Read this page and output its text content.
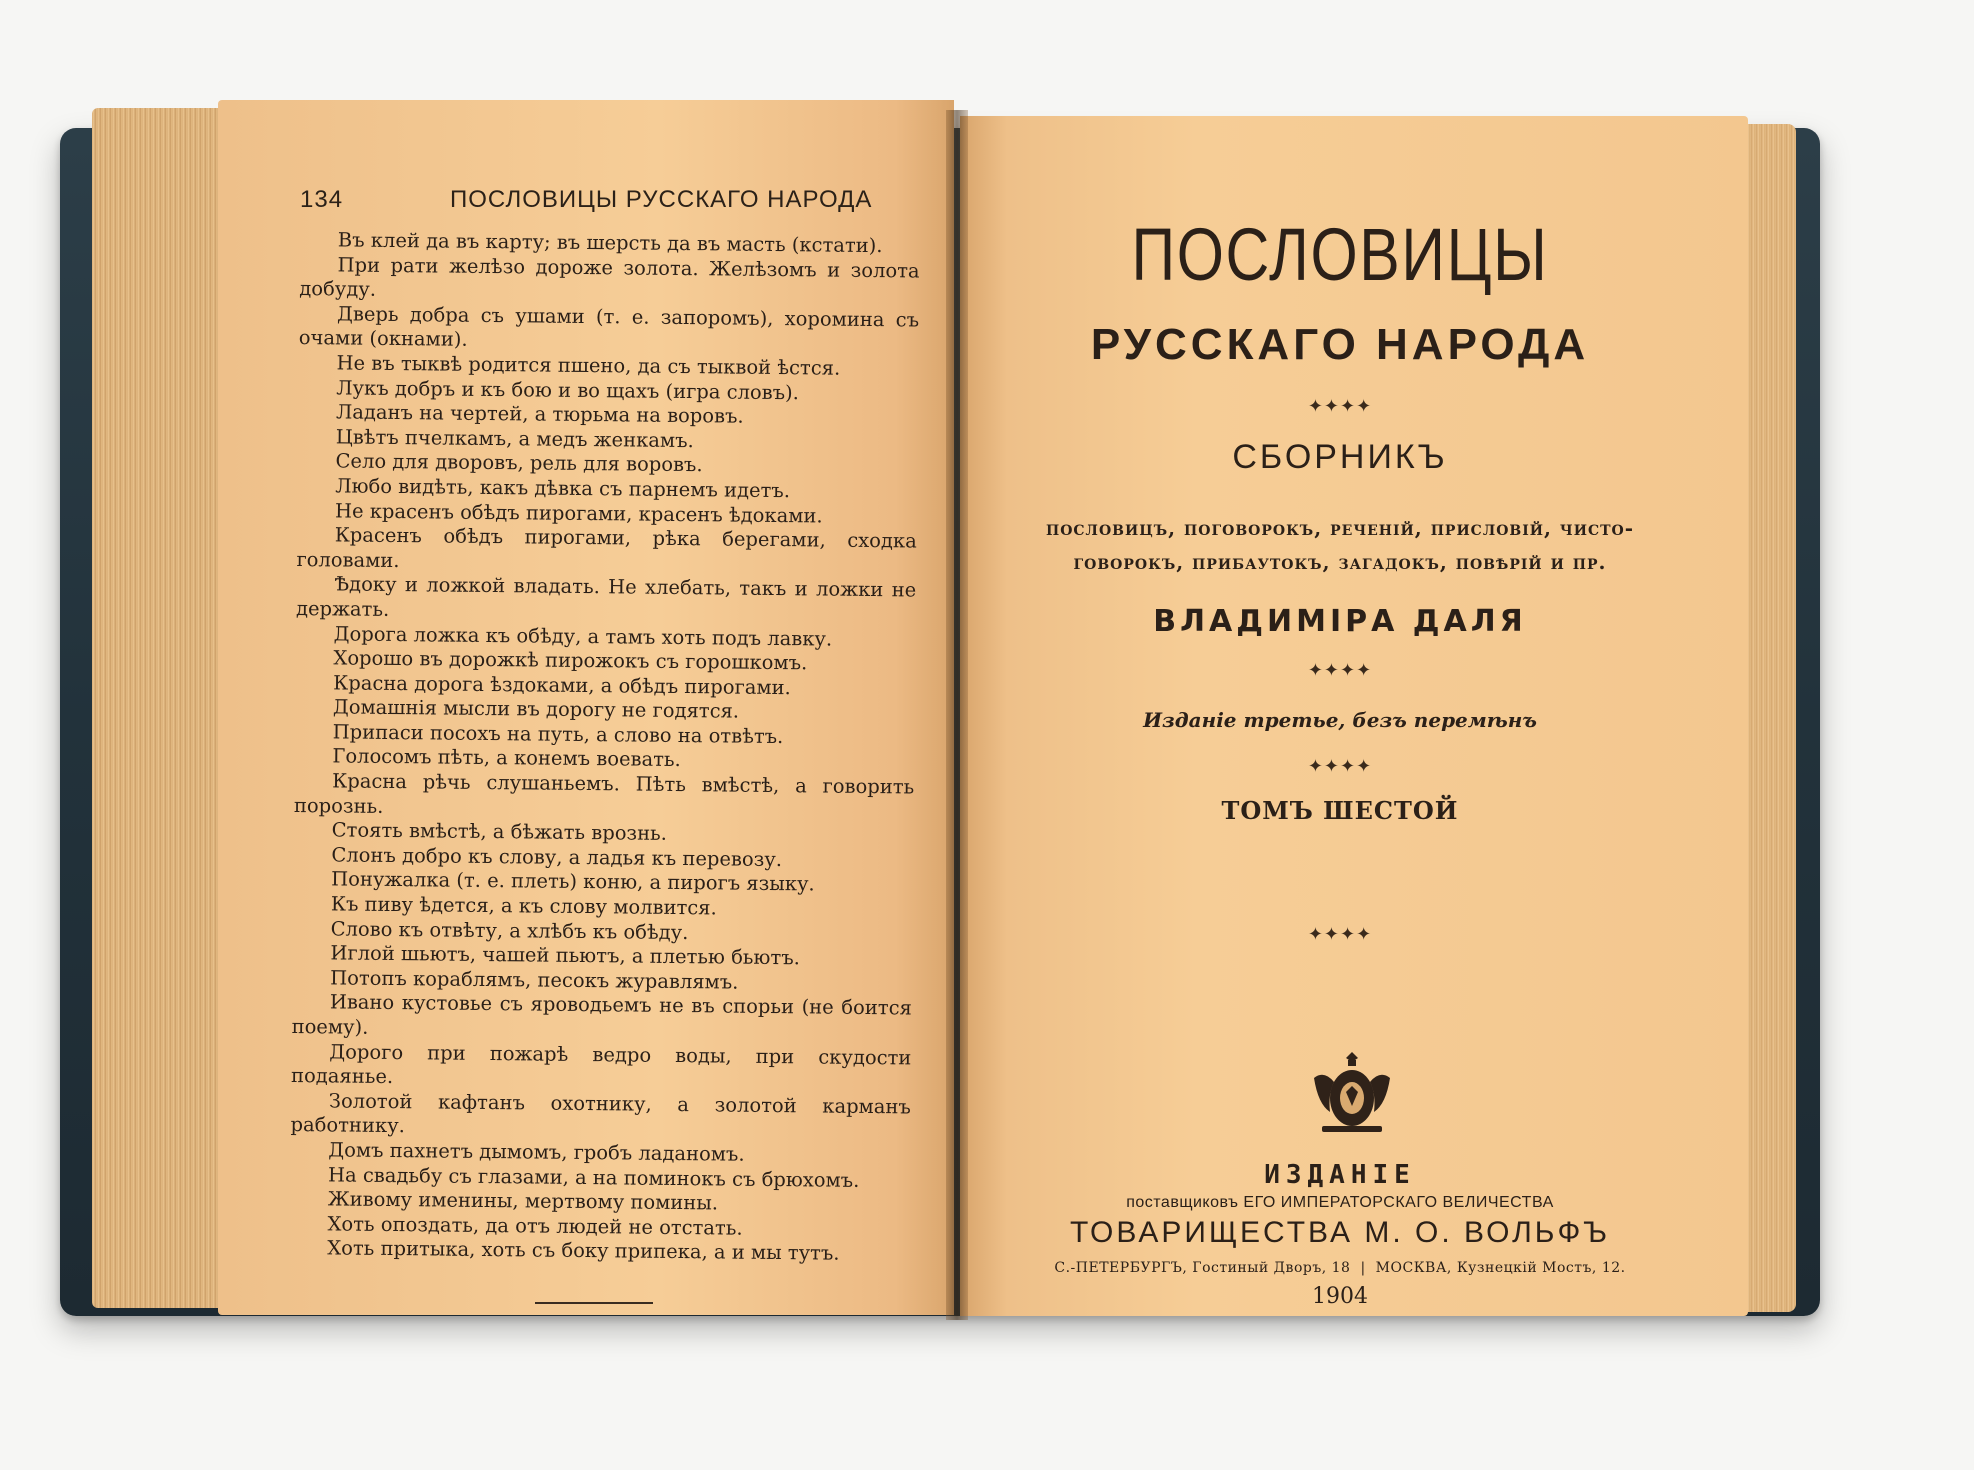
134	ПОСЛОВИЦЫ РУССКАГО НАРОДА

Въ клей да въ карту; въ шерсть да въ масть (кстати).

При рати желѣзо дороже золота. Желѣзомъ и золота добуду.

Дверь добра съ ушами (т. е. запоромъ), хоромина съ очами (окнами).

Не въ тыквѣ родится пшено, да съ тыквой ѣстся.

Лукъ добръ и къ бою и во щахъ (игра словъ).

Ладанъ на чертей, а тюрьма на воровъ.

Цвѣтъ пчелкамъ, а медъ женкамъ.

Село для дворовъ, рель для воровъ.

Любо видѣть, какъ дѣвка съ парнемъ идетъ.

Не красенъ обѣдъ пирогами, красенъ ѣдоками.

Красенъ обѣдъ пирогами, рѣка берегами, сходка головами.

Ѣдоку и ложкой владать. Не хлебать, такъ и ложки не держать.

Дорога ложка къ обѣду, а тамъ хоть подъ лавку.

Хорошо въ дорожкѣ пирожокъ съ горошкомъ.

Красна дорога ѣздоками, а обѣдъ пирогами.

Домашнія мысли въ дорогу не годятся.

Припаси посохъ на путь, а слово на отвѣтъ.

Голосомъ пѣть, а конемъ воевать.

Красна рѣчь слушаньемъ. Пѣть вмѣстѣ, а говорить порознь.

Стоять вмѣстѣ, а бѣжать врознь.

Слонъ добро къ слову, а ладья къ перевозу.

Понужалка (т. е. плеть) коню, а пирогъ языку.

Къ пиву ѣдется, а къ слову молвится.

Слово къ отвѣту, а хлѣбъ къ обѣду.

Иглой шьютъ, чашей пьютъ, а плетью бьютъ.

Потопъ кораблямъ, песокъ журавлямъ.

Ивано кустовье съ яроводьемъ не въ спорьи (не боится поему).

Дорого при пожарѣ ведро воды, при скудости подаянье.

Золотой кафтанъ охотнику, а золотой карманъ работнику.

Домъ пахнетъ дымомъ, гробъ ладаномъ.

На свадьбу съ глазами, а на поминокъ съ брюхомъ.

Живому именины, мертвому помины.

Хоть опоздать, да отъ людей не отстать.

Хоть притыка, хоть съ боку припека, а и мы тутъ.

ПОСЛОВИЦЫ
РУССКАГО НАРОДА
✦✦✦✦
СБОРНИКЪ
пословицъ, поговорокъ, реченій, присловій, чисто-
говорокъ, прибаутокъ, загадокъ, повѣрій и пр.
ВЛАДИМІРА ДАЛЯ
✦✦✦✦
Изданіе третье, безъ перемѣнъ
✦✦✦✦
ТОМЪ ШЕСТОЙ
✦✦✦✦
ИЗДАНІЕ
поставщиковъ ЕГО ИМПЕРАТОРСКАГО ВЕЛИЧЕСТВА
ТОВАРИЩЕСТВА М. О. ВОЛЬФЪ
С.-ПЕТЕРБУРГЪ, Гостиный Дворъ, 18 | МОСКВА, Кузнецкій Мостъ, 12.
1904
